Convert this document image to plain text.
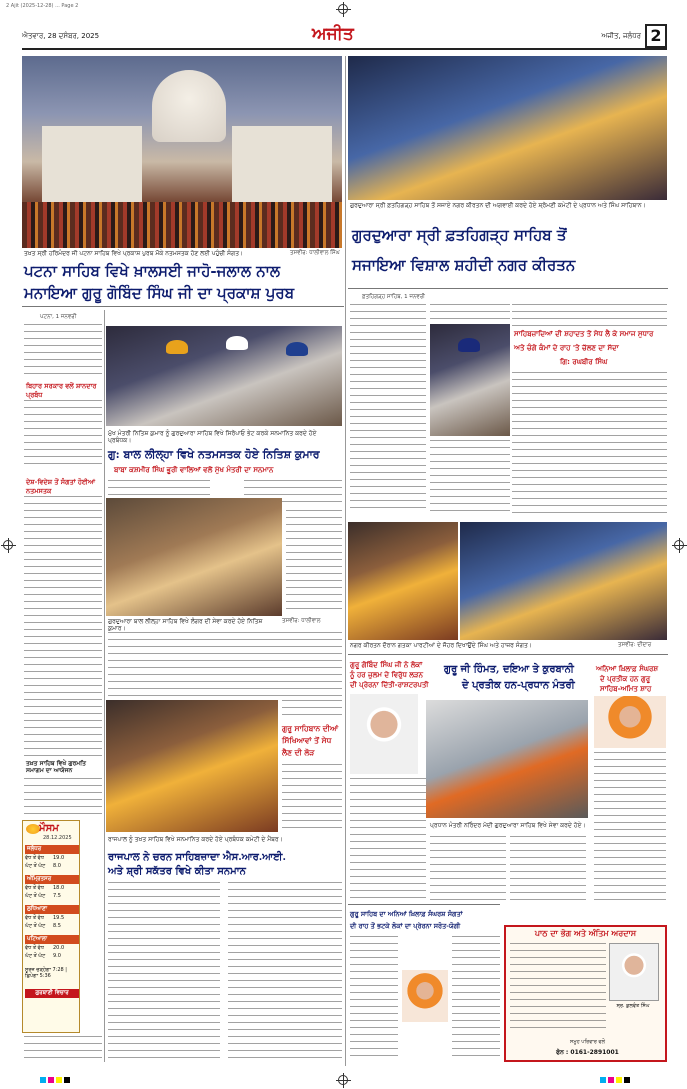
2 Ajit (2025-12-28) ... Page 2
ਐਤਵਾਰ, 28 ਦਸੰਬਰ, 2025	ਅਜੀਤ	ਅਜੀਤ, ਜਲੰਧਰ 2
ਤਖ਼ਤ ਸ੍ਰੀ ਹਰਿਮੰਦਰ ਜੀ ਪਟਨਾ ਸਾਹਿਬ ਵਿਖੇ ਪ੍ਰਕਾਸ਼ ਪੁਰਬ ਮੌਕੇ ਨਤਮਸਤਕ ਹੋਣ ਲਈ ਪਹੁੰਚੀ ਸੰਗਤ।	ਤਸਵੀਰ: ਧਾਲੀਵਾਲ ਸਿੰਘ
ਪਟਨਾ ਸਾਹਿਬ ਵਿਖੇ ਖ਼ਾਲਸਈ ਜਾਹੋ-ਜਲਾਲ ਨਾਲ
ਮਨਾਇਆ ਗੁਰੂ ਗੋਬਿੰਦ ਸਿੰਘ ਜੀ ਦਾ ਪ੍ਰਕਾਸ਼ ਪੁਰਬ
ਪਟਨਾ, 1 ਜਨਵਰੀ
ਬਿਹਾਰ ਸਰਕਾਰ ਵਲੋਂ ਸ਼ਾਨਦਾਰ ਪ੍ਰਬੰਧ
ਦੇਸ਼-ਵਿਦੇਸ਼ ਤੋਂ ਸੰਗਤਾਂ ਹੋਈਆਂ ਨਤਮਸਤਕ
ਤਖ਼ਤ ਸਾਹਿਬ ਵਿਖੇ ਗੁਰਮਤਿ ਸਮਾਗਮ ਦਾ ਆਯੋਜਨ
ਮੁੱਖ ਮੰਤਰੀ ਨਿਤਿਸ਼ ਕੁਮਾਰ ਨੂੰ ਗੁਰਦੁਆਰਾ ਸਾਹਿਬ ਵਿਖੇ ਸਿਰੋਪਾਓ ਭੇਟ ਕਰਕੇ ਸਨਮਾਨਿਤ ਕਰਦੇ ਹੋਏ ਪ੍ਰਬੰਧਕ।
ਗੁ: ਬਾਲ ਲੀਲ੍ਹਾ ਵਿਖੇ ਨਤਮਸਤਕ ਹੋਏ ਨਿਤਿਸ਼ ਕੁਮਾਰ
ਬਾਬਾ ਕਸ਼ਮੀਰ ਸਿੰਘ ਭੂਰੀ ਵਾਲਿਆਂ ਵਲੋਂ ਮੁੱਖ ਮੰਤਰੀ ਦਾ ਸਨਮਾਨ
ਗੁਰਦੁਆਰਾ ਬਾਲ ਲੀਲ੍ਹਾ ਸਾਹਿਬ ਵਿਖੇ ਲੰਗਰ ਦੀ ਸੇਵਾ ਕਰਦੇ ਹੋਏ ਨਿਤਿਸ਼ ਕੁਮਾਰ।
ਤਸਵੀਰ: ਧਾਲੀਵਾਲ
ਗੁਰੂ ਸਾਹਿਬਾਨ ਦੀਆਂ
ਸਿੱਖਿਆਵਾਂ ਤੋਂ ਸੇਧ
ਲੈਣ ਦੀ ਲੋੜ
ਰਾਜਪਾਲ ਨੂੰ ਤਖ਼ਤ ਸਾਹਿਬ ਵਿਖੇ ਸਨਮਾਨਿਤ ਕਰਦੇ ਹੋਏ ਪ੍ਰਬੰਧਕ ਕਮੇਟੀ ਦੇ ਮੈਂਬਰ।
ਰਾਜਪਾਲ ਨੇ ਚਰਨ ਸਾਹਿਬਜ਼ਾਦਾ ਐਸ.ਆਰ.ਆਈ.
ਅਤੇ ਸ਼੍ਰੀ ਸਕੱਤਰ ਵਿਖੇ ਕੀਤਾ ਸਨਮਾਨ
ਮੌਸਮ
28.12.2025
ਜਲੰਧਰ
ਵੱਧ ਤੋਂ ਵੱਧ 19.0
ਘੱਟ ਤੋਂ ਘੱਟ 8.0
ਅੰਮ੍ਰਿਤਸਰ
ਵੱਧ ਤੋਂ ਵੱਧ 18.0
ਘੱਟ ਤੋਂ ਘੱਟ 7.5
ਲੁਧਿਆਣਾ
ਵੱਧ ਤੋਂ ਵੱਧ 19.5
ਘੱਟ ਤੋਂ ਘੱਟ 8.5
ਪਟਿਆਲਾ
ਵੱਧ ਤੋਂ ਵੱਧ 20.0
ਘੱਟ ਤੋਂ ਘੱਟ 9.0
ਸੂਰਜ ਚੜ੍ਹੇਗਾ 7:28 | ਛਿਪੇਗਾ 5:36
ਗੁਰਬਾਣੀ ਵਿਚਾਰ
ਗੁਰਦੁਆਰਾ ਸ੍ਰੀ ਫ਼ਤਹਿਗੜ੍ਹ ਸਾਹਿਬ ਤੋਂ ਸਜਾਏ ਨਗਰ ਕੀਰਤਨ ਦੀ ਅਗਵਾਈ ਕਰਦੇ ਹੋਏ ਸ਼੍ਰੋਮਣੀ ਕਮੇਟੀ ਦੇ ਪ੍ਰਧਾਨ ਅਤੇ ਸਿੰਘ ਸਾਹਿਬਾਨ।
ਗੁਰਦੁਆਰਾ ਸ੍ਰੀ ਫ਼ਤਹਿਗੜ੍ਹ ਸਾਹਿਬ ਤੋਂ
ਸਜਾਇਆ ਵਿਸ਼ਾਲ ਸ਼ਹੀਦੀ ਨਗਰ ਕੀਰਤਨ
ਫ਼ਤਹਿਗੜ੍ਹ ਸਾਹਿਬ, 1 ਜਨਵਰੀ
ਸਾਹਿਬਜ਼ਾਦਿਆਂ ਦੀ ਸ਼ਹਾਦਤ ਤੋਂ ਸੇਧ ਲੈ ਕੇ ਸਮਾਜ ਸੁਧਾਰ
ਅਤੇ ਚੰਗੇ ਕੰਮਾਂ ਦੇ ਰਾਹ 'ਤੇ ਚੱਲਣ ਦਾ ਸੱਦਾ
ਗਿ: ਰਘਬੀਰ ਸਿੰਘ
ਨਗਰ ਕੀਰਤਨ ਦੌਰਾਨ ਗਤਕਾ ਪਾਰਟੀਆਂ ਦੇ ਜੌਹਰ ਦਿਖਾਉਂਦੇ ਸਿੰਘ ਅਤੇ ਹਾਜ਼ਰ ਸੰਗਤ।	ਤਸਵੀਰ: ਦੀਦਾਰ
ਗੁਰੂ ਗੋਬਿੰਦ ਸਿੰਘ ਜੀ ਨੇ ਲੋਕਾਂ
ਨੂੰ ਹਰ ਜ਼ੁਲਮ ਦੇ ਵਿਰੁੱਧ ਲੜਨ
ਦੀ ਪ੍ਰੇਰਨਾ ਦਿੱਤੀ-ਰਾਸ਼ਟਰਪਤੀ
ਗੁਰੂ ਜੀ ਹਿੰਮਤ, ਦਇਆ ਤੇ ਕੁਰਬਾਨੀ
ਦੇ ਪ੍ਰਤੀਕ ਹਨ-ਪ੍ਰਧਾਨ ਮੰਤਰੀ
ਪ੍ਰਧਾਨ ਮੰਤਰੀ ਨਰਿੰਦਰ ਮੋਦੀ ਗੁਰਦੁਆਰਾ ਸਾਹਿਬ ਵਿਖੇ ਸੇਵਾ ਕਰਦੇ ਹੋਏ।
ਅਨਿਆਂ ਖ਼ਿਲਾਫ਼ ਸੰਘਰਸ਼
ਦੇ ਪ੍ਰਤੀਕ ਹਨ ਗੁਰੂ
ਸਾਹਿਬ-ਅਮਿਤ ਸ਼ਾਹ
ਗੁਰੂ ਸਾਹਿਬ ਦਾ ਅਨਿਆਂ ਖ਼ਿਲਾਫ਼ ਸੰਘਰਸ਼ ਸੰਗਤਾਂ
ਦੀ ਰਾਹ ਤੋਂ ਭਟਕੇ ਲੋਕਾਂ ਦਾ ਪ੍ਰੇਰਨਾ ਸਰੋਤ-ਯੋਗੀ
ਪਾਠ ਦਾ ਭੋਗ ਅਤੇ ਅੰਤਿਮ ਅਰਦਾਸ
ਸ੍ਰ. ਕੁਲਵੰਤ ਸਿੰਘ
ਸਮੂਹ ਪਰਿਵਾਰ ਵਲੋਂ
ਫੋਨ : 0161-2891001
